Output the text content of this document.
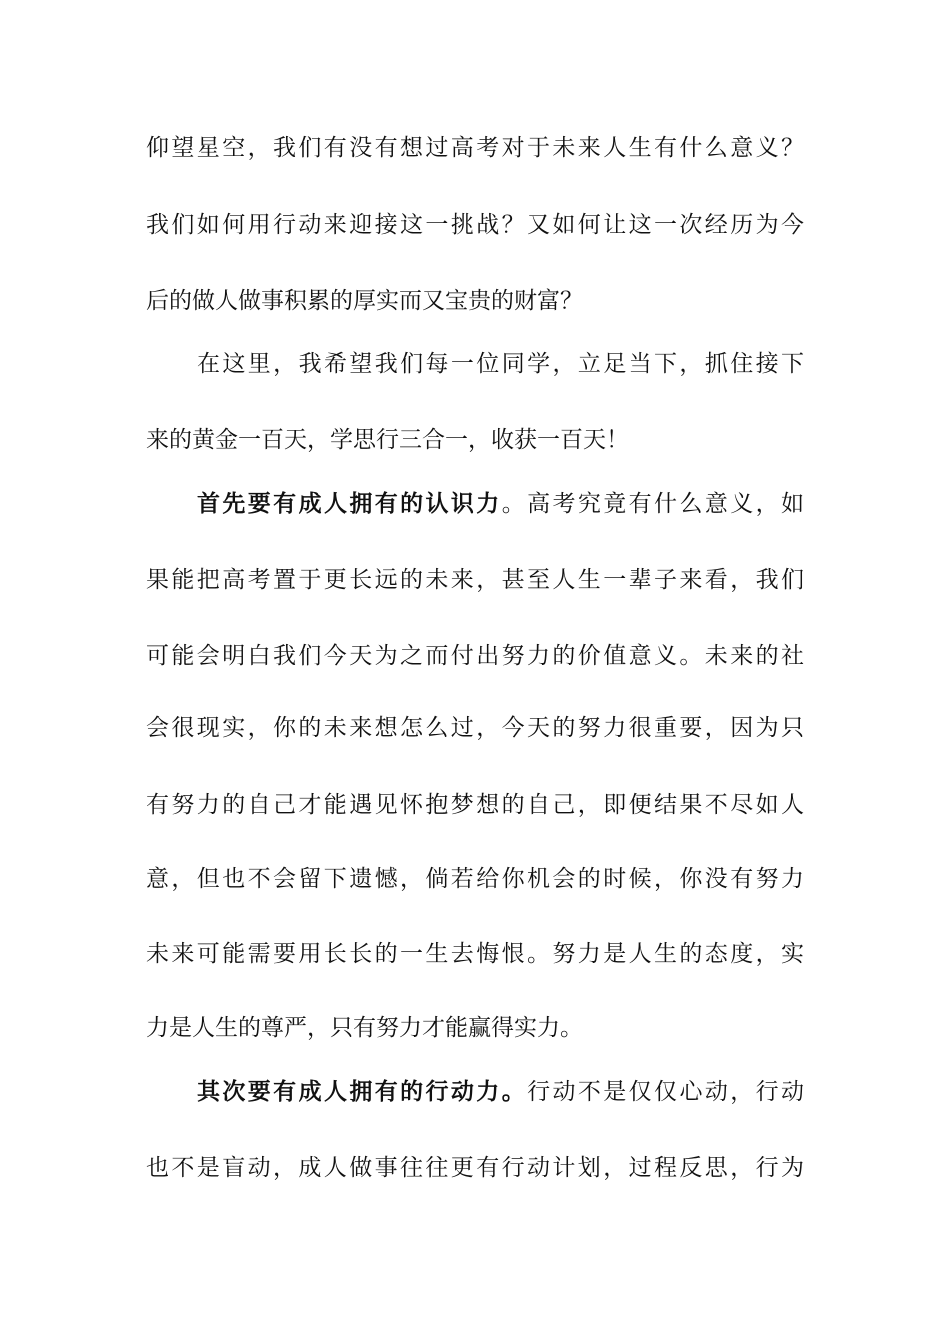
仰望星空，我们有没有想过高考对于未来人生有什么意义？
我们如何用行动来迎接这一挑战？又如何让这一次经历为今
后的做人做事积累的厚实而又宝贵的财富？
在这里，我希望我们每一位同学，立足当下，抓住接下
来的黄金一百天，学思行三合一，收获一百天！
首先要有成人拥有的认识力。高考究竟有什么意义，如
果能把高考置于更长远的未来，甚至人生一辈子来看，我们
可能会明白我们今天为之而付出努力的价值意义。未来的社
会很现实，你的未来想怎么过，今天的努力很重要，因为只
有努力的自己才能遇见怀抱梦想的自己，即便结果不尽如人
意，但也不会留下遗憾，倘若给你机会的时候，你没有努力
未来可能需要用长长的一生去悔恨。努力是人生的态度，实
力是人生的尊严，只有努力才能赢得实力。
其次要有成人拥有的行动力。行动不是仅仅心动，行动
也不是盲动，成人做事往往更有行动计划，过程反思，行为
